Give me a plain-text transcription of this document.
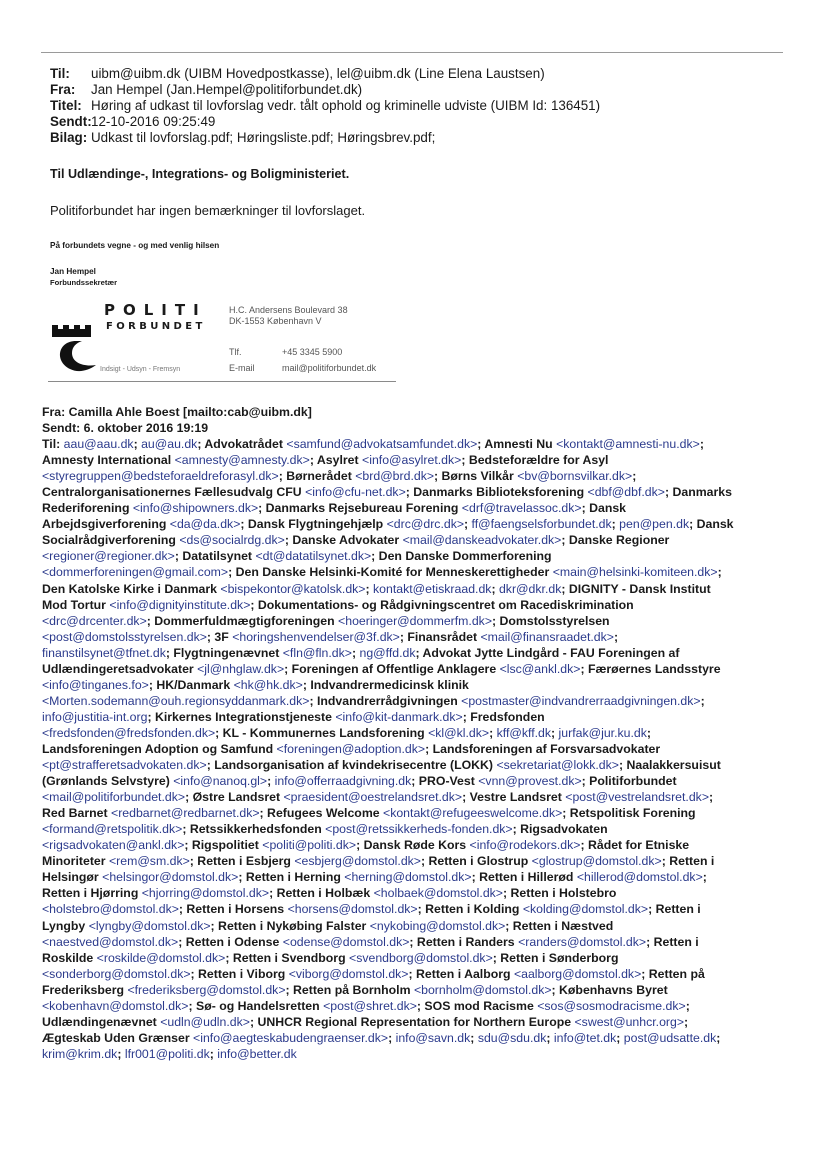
Til: uibm@uibm.dk (UIBM Hovedpostkasse), lel@uibm.dk (Line Elena Laustsen)
Fra: Jan Hempel (Jan.Hempel@politiforbundet.dk)
Titel: Høring af udkast til lovforslag vedr. tålt ophold og kriminelle udviste (UIBM Id: 136451)
Sendt:12-10-2016 09:25:49
Bilag: Udkast til lovforslag.pdf; Høringsliste.pdf; Høringsbrev.pdf;
Til Udlændinge-, Integrations- og Boligministeriet.
Politiforbundet har ingen bemærkninger til lovforslaget.
På forbundets vegne - og med venlig hilsen
Jan Hempel
Forbundssekretær
POLITI
FORBUNDET
Indsigt - Udsyn - Fremsyn
H.C. Andersens Boulevard 38
DK-1553 København V
Tlf.	+45 3345 5900
E-mail	mail@politiforbundet.dk
Fra: Camilla Ahle Boest [mailto:cab@uibm.dk]
Sendt: 6. oktober 2016 19:19
Til: aau@aau.dk; au@au.dk; Advokatrådet <samfund@advokatsamfundet.dk>; Amnesti Nu <kontakt@amnesti-nu.dk>;
Amnesty International <amnesty@amnesty.dk>; Asylret <info@asylret.dk>; Bedsteforældre for Asyl
<styregruppen@bedsteforaeldreforasyl.dk>; Børnerådet <brd@brd.dk>; Børns Vilkår <bv@bornsvilkar.dk>;
Centralorganisationernes Fællesudvalg CFU <info@cfu-net.dk>; Danmarks Biblioteksforening <dbf@dbf.dk>; Danmarks
Rederiforening <info@shipowners.dk>; Danmarks Rejsebureau Forening <drf@travelassoc.dk>; Dansk
Arbejdsgiverforening <da@da.dk>; Dansk Flygtningehjælp <drc@drc.dk>; ff@faengselsforbundet.dk; pen@pen.dk; Dansk
Socialrådgiverforening <ds@socialrdg.dk>; Danske Advokater <mail@danskeadvokater.dk>; Danske Regioner
<regioner@regioner.dk>; Datatilsynet <dt@datatilsynet.dk>; Den Danske Dommerforening
<dommerforeningen@gmail.com>; Den Danske Helsinki-Komité for Menneskerettigheder <main@helsinki-komiteen.dk>;
Den Katolske Kirke i Danmark <bispekontor@katolsk.dk>; kontakt@etiskraad.dk; dkr@dkr.dk; DIGNITY - Dansk Institut
Mod Tortur <info@dignityinstitute.dk>; Dokumentations- og Rådgivningscentret om Racediskrimination
<drc@drcenter.dk>; Dommerfuldmægtigforeningen <hoeringer@dommerfm.dk>; Domstolsstyrelsen
<post@domstolsstyrelsen.dk>; 3F <horingshenvendelser@3f.dk>; Finansrådet <mail@finansraadet.dk>;
finanstilsynet@tfnet.dk; Flygtningenævnet <fln@fln.dk>; ng@ffd.dk; Advokat Jytte Lindgård - FAU Foreningen af
Udlændingeretsadvokater <jl@nhglaw.dk>; Foreningen af Offentlige Anklagere <lsc@ankl.dk>; Færøernes Landsstyre
<info@tinganes.fo>; HK/Danmark <hk@hk.dk>; Indvandrermedicinsk klinik
<Morten.sodemann@ouh.regionsyddanmark.dk>; Indvandrerrådgivningen <postmaster@indvandrerraadgivningen.dk>;
info@justitia-int.org; Kirkernes Integrationstjeneste <info@kit-danmark.dk>; Fredsfonden
<fredsfonden@fredsfonden.dk>; KL - Kommunernes Landsforening <kl@kl.dk>; kff@kff.dk; jurfak@jur.ku.dk;
Landsforeningen Adoption og Samfund <foreningen@adoption.dk>; Landsforeningen af Forsvarsadvokater
<pt@strafferetsadvokaten.dk>; Landsorganisation af kvindekrisecentre (LOKK) <sekretariat@lokk.dk>; Naalakkersuisut
(Grønlands Selvstyre) <info@nanoq.gl>; info@offerraadgivning.dk; PRO-Vest <vnn@provest.dk>; Politiforbundet
<mail@politiforbundet.dk>; Østre Landsret <praesident@oestrelandsret.dk>; Vestre Landsret <post@vestrelandsret.dk>;
Red Barnet <redbarnet@redbarnet.dk>; Refugees Welcome <kontakt@refugeeswelcome.dk>; Retspolitisk Forening
<formand@retspolitik.dk>; Retssikkerhedsfonden <post@retssikkerheds-fonden.dk>; Rigsadvokaten
<rigsadvokaten@ankl.dk>; Rigspolitiet <politi@politi.dk>; Dansk Røde Kors <info@rodekors.dk>; Rådet for Etniske
Minoriteter <rem@sm.dk>; Retten i Esbjerg <esbjerg@domstol.dk>; Retten i Glostrup <glostrup@domstol.dk>; Retten i
Helsingør <helsingor@domstol.dk>; Retten i Herning <herning@domstol.dk>; Retten i Hillerød <hillerod@domstol.dk>;
Retten i Hjørring <hjorring@domstol.dk>; Retten i Holbæk <holbaek@domstol.dk>; Retten i Holstebro
<holstebro@domstol.dk>; Retten i Horsens <horsens@domstol.dk>; Retten i Kolding <kolding@domstol.dk>; Retten i
Lyngby <lyngby@domstol.dk>; Retten i Nykøbing Falster <nykobing@domstol.dk>; Retten i Næstved
<naestved@domstol.dk>; Retten i Odense <odense@domstol.dk>; Retten i Randers <randers@domstol.dk>; Retten i
Roskilde <roskilde@domstol.dk>; Retten i Svendborg <svendborg@domstol.dk>; Retten i Sønderborg
<sonderborg@domstol.dk>; Retten i Viborg <viborg@domstol.dk>; Retten i Aalborg <aalborg@domstol.dk>; Retten på
Frederiksberg <frederiksberg@domstol.dk>; Retten på Bornholm <bornholm@domstol.dk>; Københavns Byret
<kobenhavn@domstol.dk>; Sø- og Handelsretten <post@shret.dk>; SOS mod Racisme <sos@sosmodracisme.dk>;
Udlændingenævnet <udln@udln.dk>; UNHCR Regional Representation for Northern Europe <swest@unhcr.org>;
Ægteskab Uden Grænser <info@aegteskabudengraenser.dk>; info@savn.dk; sdu@sdu.dk; info@tet.dk; post@udsatte.dk;
krim@krim.dk; lfr001@politi.dk; info@better.dk
